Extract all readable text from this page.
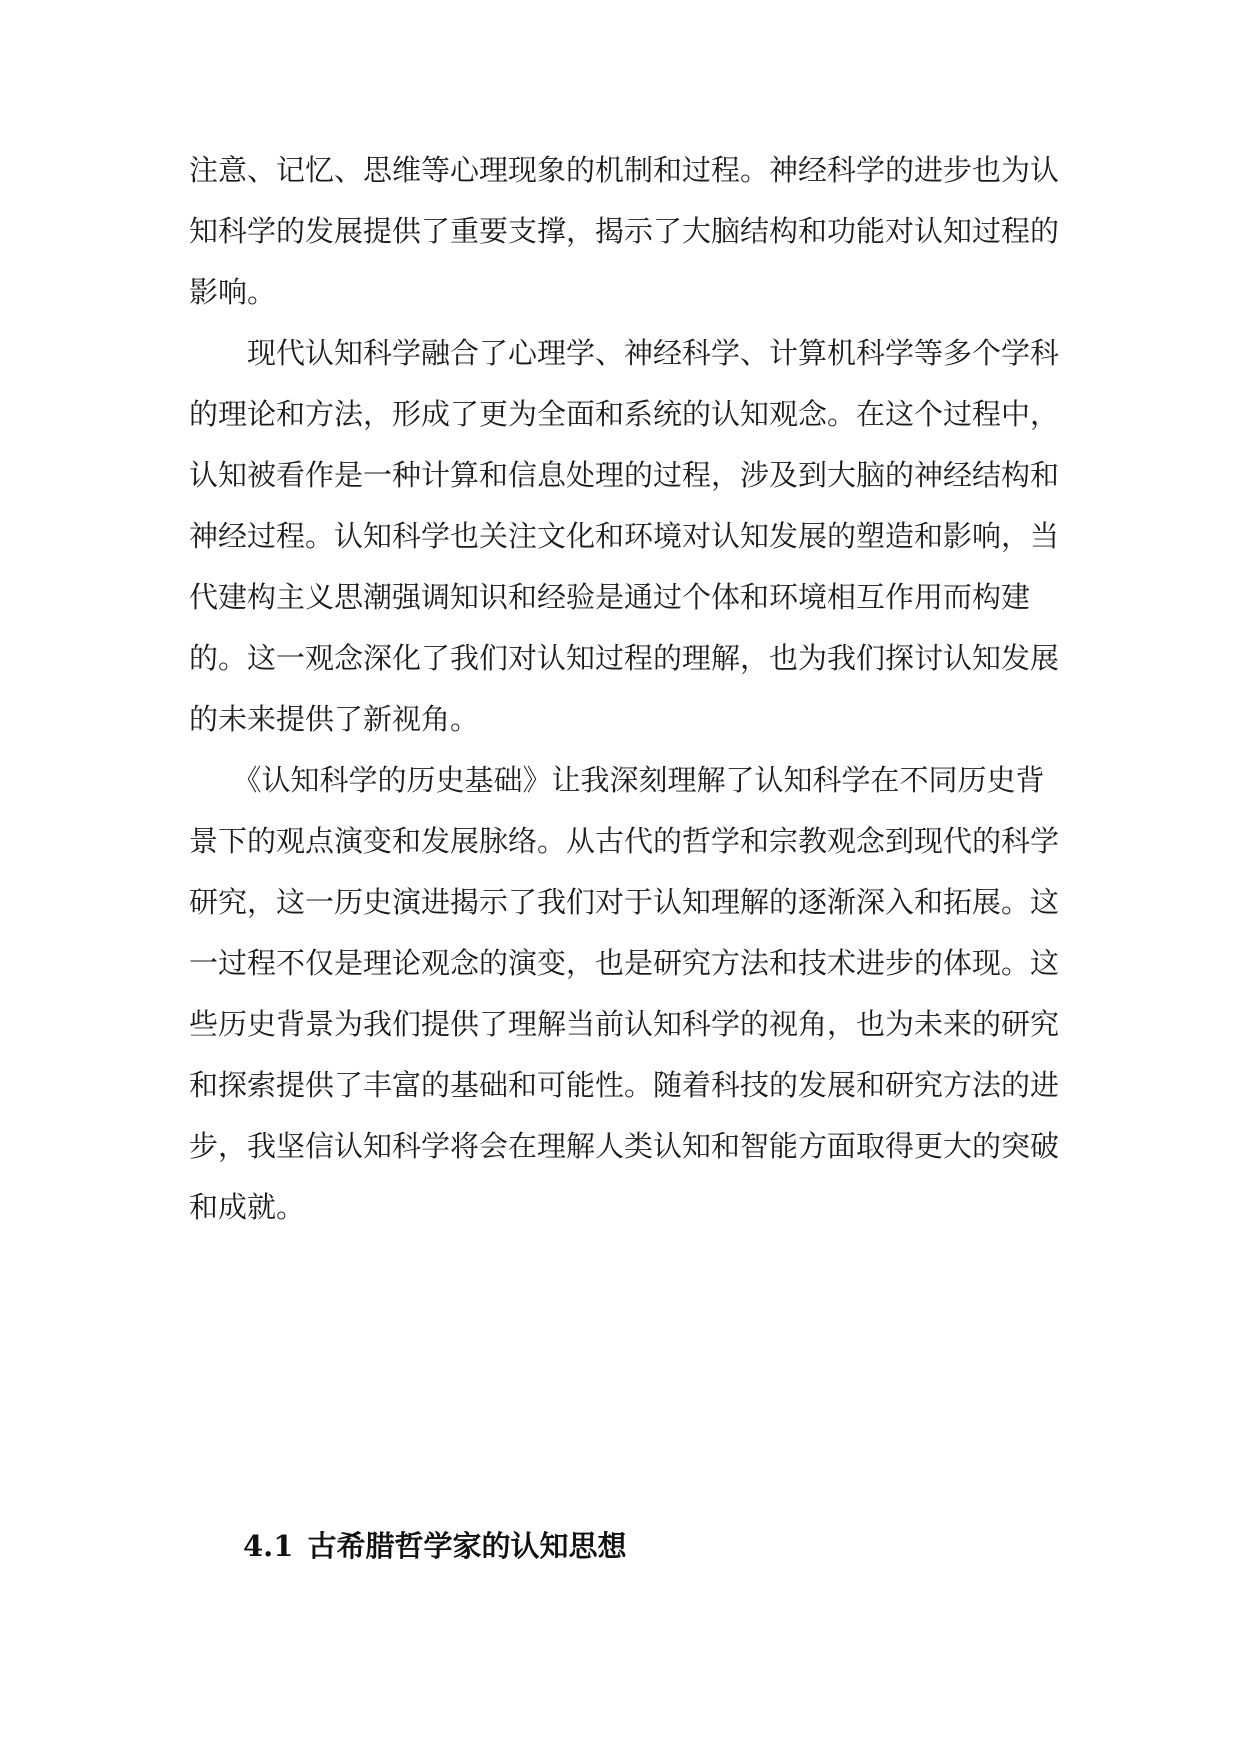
注意、记忆、思维等心理现象的机制和过程。神经科学的进步也为认
知科学的发展提供了重要支撑，揭示了大脑结构和功能对认知过程的
影响。

　　现代认知科学融合了心理学、神经科学、计算机科学等多个学科
的理论和方法，形成了更为全面和系统的认知观念。在这个过程中，
认知被看作是一种计算和信息处理的过程，涉及到大脑的神经结构和
神经过程。认知科学也关注文化和环境对认知发展的塑造和影响，当
代建构主义思潮强调知识和经验是通过个体和环境相互作用而构建
的。这一观念深化了我们对认知过程的理解，也为我们探讨认知发展
的未来提供了新视角。

　　《认知科学的历史基础》让我深刻理解了认知科学在不同历史背
景下的观点演变和发展脉络。从古代的哲学和宗教观念到现代的科学
研究，这一历史演进揭示了我们对于认知理解的逐渐深入和拓展。这
一过程不仅是理论观念的演变，也是研究方法和技术进步的体现。这
些历史背景为我们提供了理解当前认知科学的视角，也为未来的研究
和探索提供了丰富的基础和可能性。随着科技的发展和研究方法的进
步，我坚信认知科学将会在理解人类认知和智能方面取得更大的突破
和成就。

4.1 古希腊哲学家的认知思想
